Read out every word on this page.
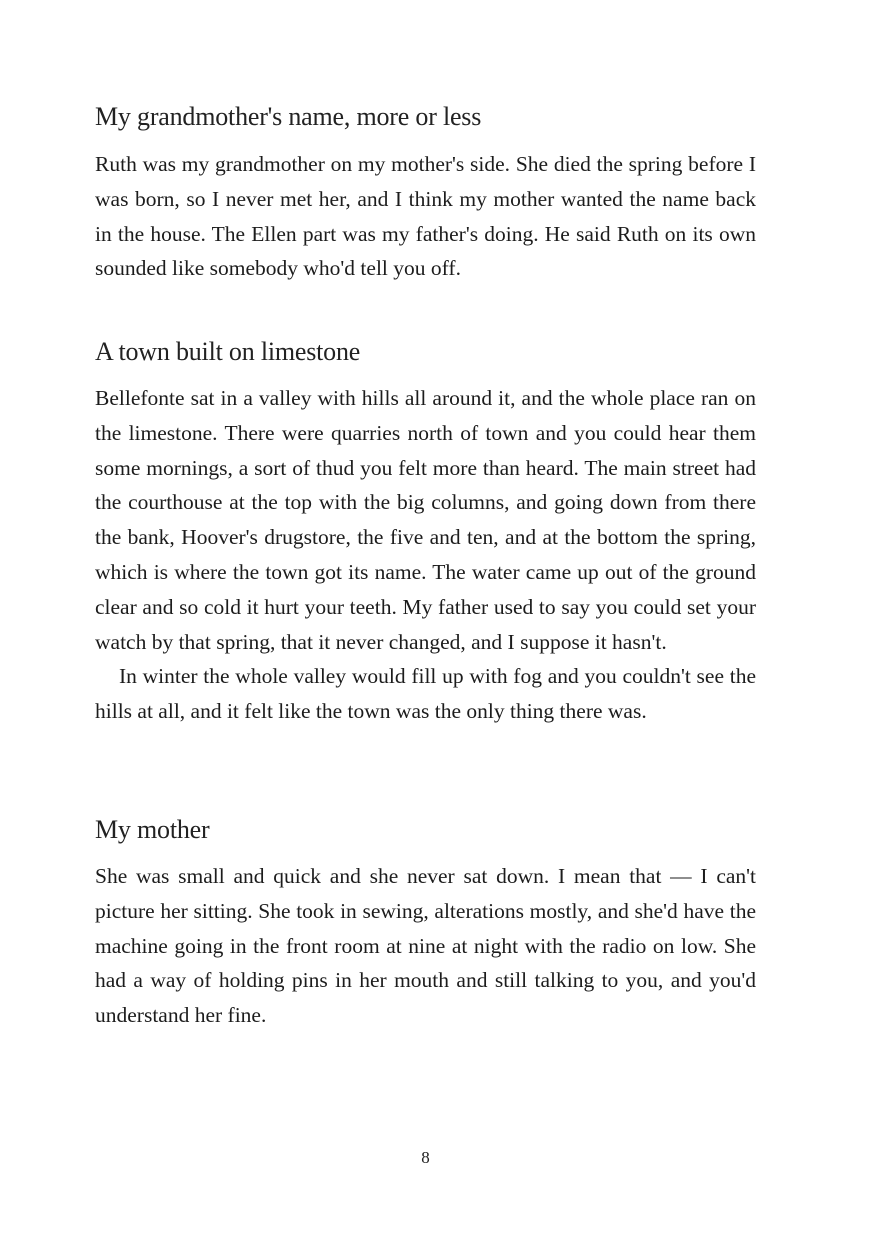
My grandmother's name, more or less

Ruth was my grandmother on my mother's side. She died the spring before I was born, so I never met her, and I think my mother wanted the name back in the house. The Ellen part was my father's doing. He said Ruth on its own sounded like somebody who'd tell you off.

A town built on limestone

Bellefonte sat in a valley with hills all around it, and the whole place ran on the limestone. There were quarries north of town and you could hear them some mornings, a sort of thud you felt more than heard. The main street had the courthouse at the top with the big columns, and going down from there the bank, Hoover's drugstore, the five and ten, and at the bottom the spring, which is where the town got its name. The water came up out of the ground clear and so cold it hurt your teeth. My father used to say you could set your watch by that spring, that it never changed, and I suppose it hasn't.

In winter the whole valley would fill up with fog and you couldn't see the hills at all, and it felt like the town was the only thing there was.

My mother

She was small and quick and she never sat down. I mean that — I can't picture her sitting. She took in sewing, alterations mostly, and she'd have the machine going in the front room at nine at night with the radio on low. She had a way of holding pins in her mouth and still talking to you, and you'd understand her fine.

8
